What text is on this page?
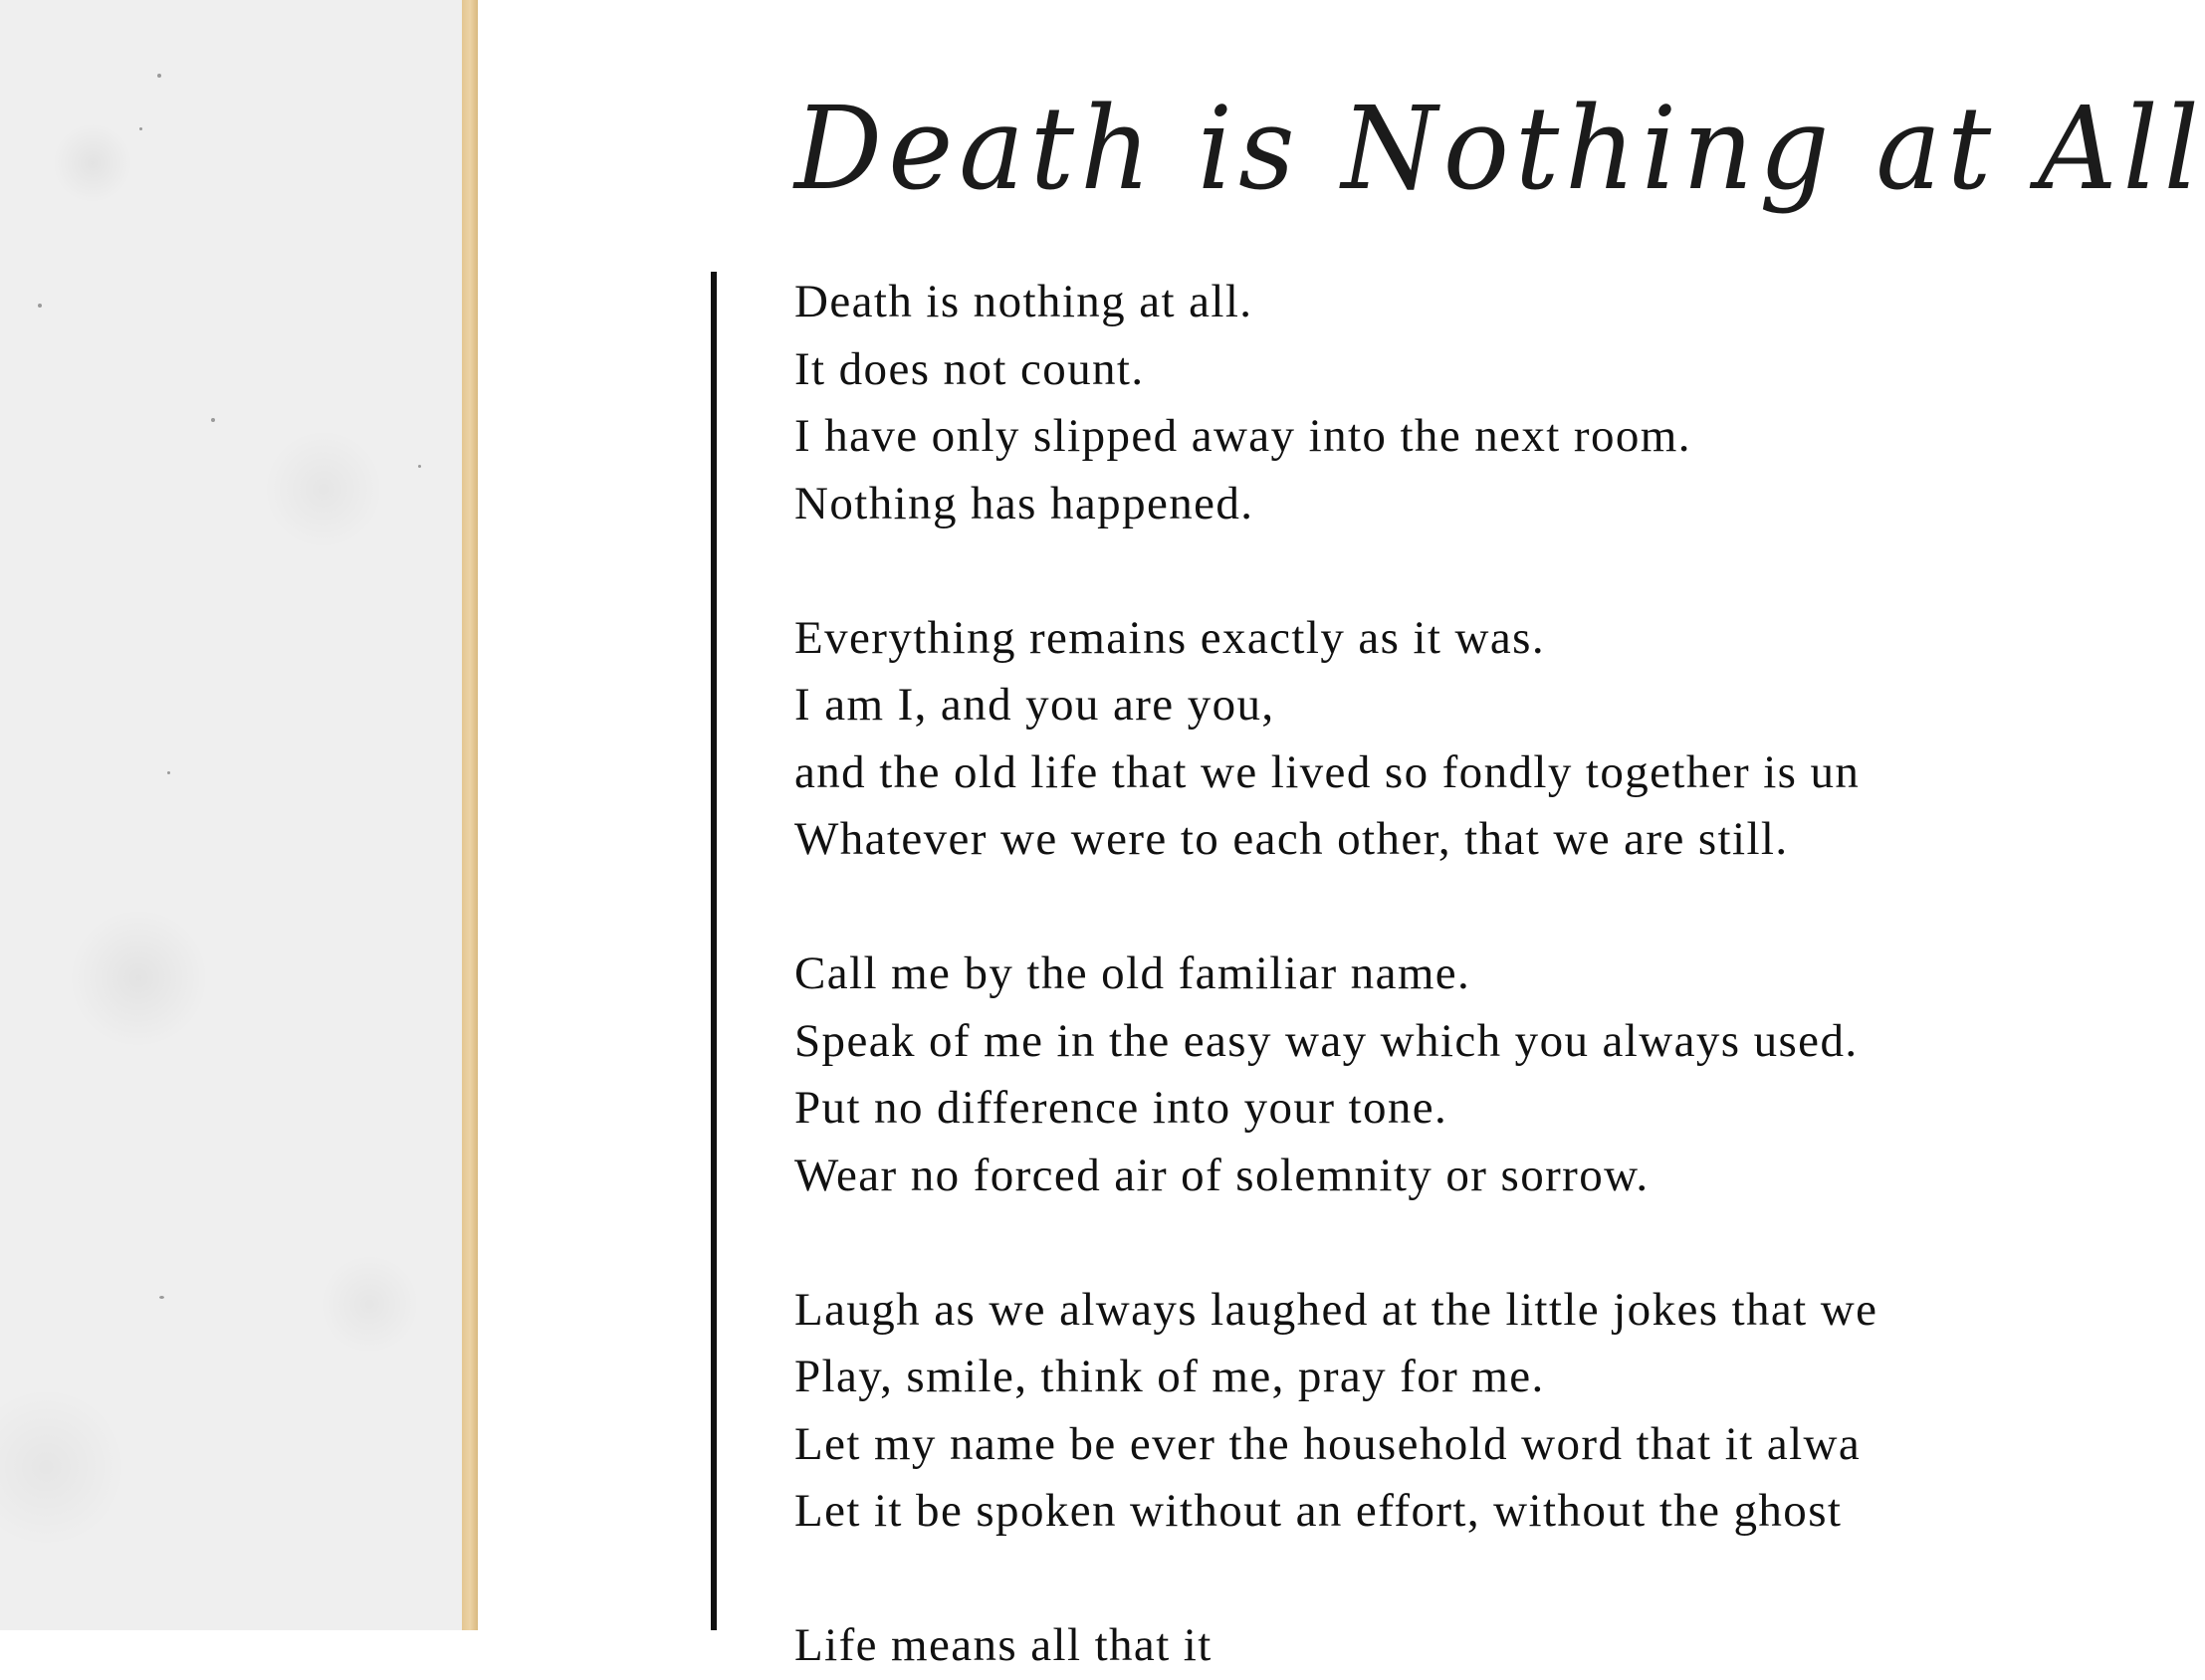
Death is Nothing at All
Death is nothing at all.
It does not count.
I have only slipped away into the next room.
Nothing has happened.
Everything remains exactly as it was.
I am I, and you are you,
and the old life that we lived so fondly together is un
Whatever we were to each other, that we are still.
Call me by the old familiar name.
Speak of me in the easy way which you always used.
Put no difference into your tone.
Wear no forced air of solemnity or sorrow.
Laugh as we always laughed at the little jokes that we
Play, smile, think of me, pray for me.
Let my name be ever the household word that it alwa
Let it be spoken without an effort, without the ghost
Life means all that it
